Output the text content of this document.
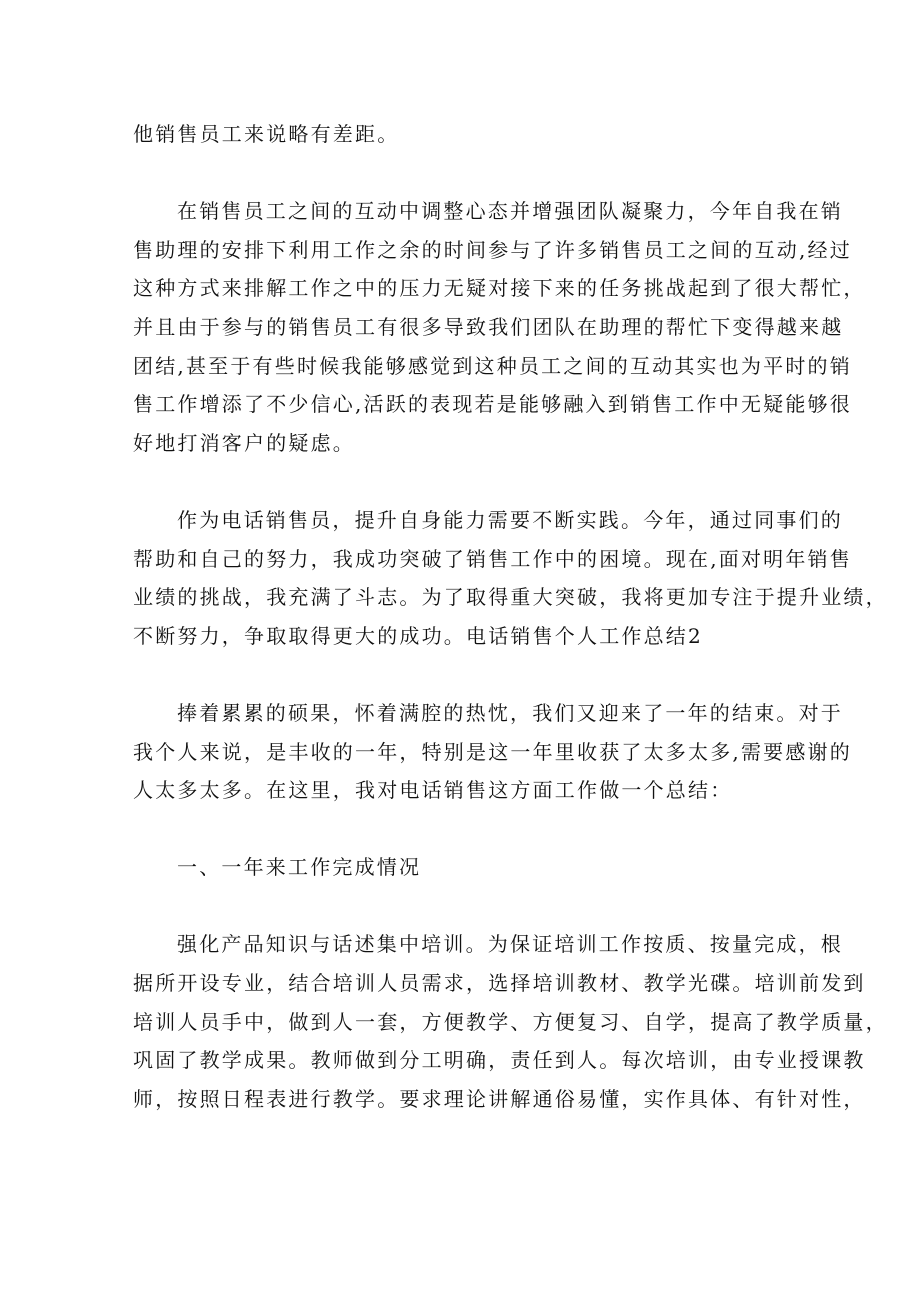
他销售员工来说略有差距。

在销售员工之间的互动中调整心态并增强团队凝聚力，今年自我在销

售助理的安排下利用工作之余的时间参与了许多销售员工之间的互动,经过

这种方式来排解工作之中的压力无疑对接下来的任务挑战起到了很大帮忙，

并且由于参与的销售员工有很多导致我们团队在助理的帮忙下变得越来越

团结,甚至于有些时候我能够感觉到这种员工之间的互动其实也为平时的销

售工作增添了不少信心,活跃的表现若是能够融入到销售工作中无疑能够很

好地打消客户的疑虑。

作为电话销售员，提升自身能力需要不断实践。今年，通过同事们的

帮助和自己的努力，我成功突破了销售工作中的困境。现在,面对明年销售

业绩的挑战，我充满了斗志。为了取得重大突破，我将更加专注于提升业绩，

不断努力，争取取得更大的成功。电话销售个人工作总结2

捧着累累的硕果，怀着满腔的热忱，我们又迎来了一年的结束。对于

我个人来说，是丰收的一年，特别是这一年里收获了太多太多,需要感谢的

人太多太多。在这里，我对电话销售这方面工作做一个总结：

一、一年来工作完成情况

强化产品知识与话述集中培训。为保证培训工作按质、按量完成，根

据所开设专业，结合培训人员需求，选择培训教材、教学光碟。培训前发到

培训人员手中，做到人一套，方便教学、方便复习、自学，提高了教学质量，

巩固了教学成果。教师做到分工明确，责任到人。每次培训，由专业授课教

师，按照日程表进行教学。要求理论讲解通俗易懂，实作具体、有针对性，
